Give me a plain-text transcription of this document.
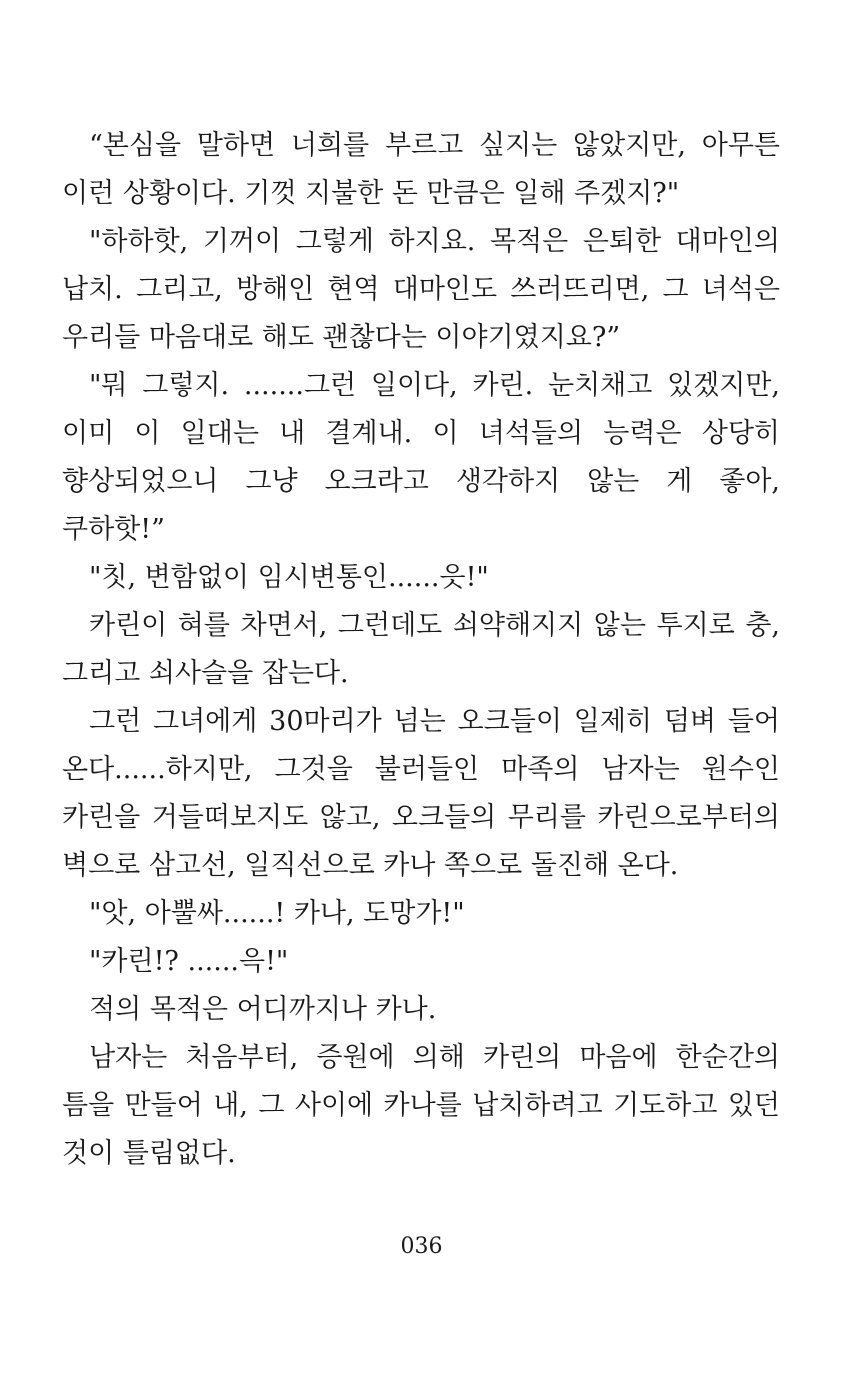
“본심을 말하면 너희를 부르고 싶지는 않았지만, 아무튼 이런 상황이다. 기껏 지불한 돈 만큼은 일해 주겠지?"

"하하핫, 기꺼이 그렇게 하지요. 목적은 은퇴한 대마인의 납치. 그리고, 방해인 현역 대마인도 쓰러뜨리면, 그 녀석은 우리들 마음대로 해도 괜찮다는 이야기였지요?”

"뭐 그렇지. .......그런 일이다, 카린. 눈치채고 있겠지만, 이미 이 일대는 내 결계내. 이 녀석들의 능력은 상당히 향상되었으니 그냥 오크라고 생각하지 않는 게 좋아, 쿠하핫!”

"칫, 변함없이 임시변통인......읏!"

카린이 혀를 차면서, 그런데도 쇠약해지지 않는 투지로 충, 그리고 쇠사슬을 잡는다.

그런 그녀에게 30마리가 넘는 오크들이 일제히 덤벼 들어 온다......하지만, 그것을 불러들인 마족의 남자는 원수인 카린을 거들떠보지도 않고, 오크들의 무리를 카린으로부터의 벽으로 삼고선, 일직선으로 카나 쪽으로 돌진해 온다.

"앗, 아뿔싸......! 카나, 도망가!"

"카린!? ......윽!"

적의 목적은 어디까지나 카나.

남자는 처음부터, 증원에 의해 카린의 마음에 한순간의 틈을 만들어 내, 그 사이에 카나를 납치하려고 기도하고 있던 것이 틀림없다.

036
